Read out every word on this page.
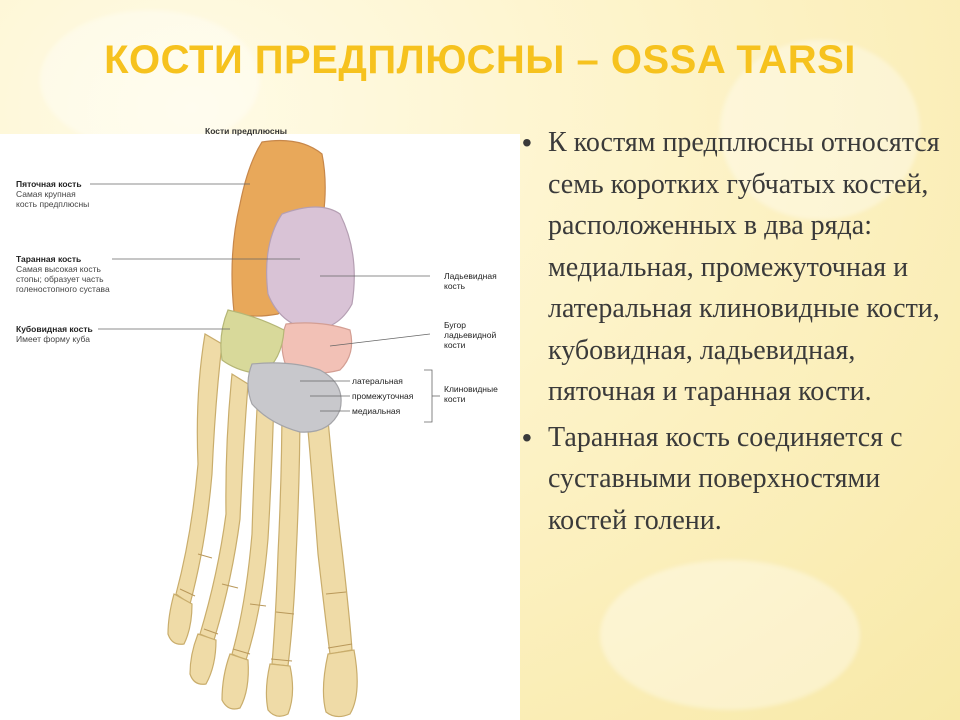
КОСТИ ПРЕДПЛЮСНЫ – OSSA TARSI
Кости предплюсны
Пяточная кость
Самая крупная
кость предплюсны
Таранная кость
Самая высокая кость
стопы; образует часть
голеностопного сустава
Кубовидная кость
Имеет форму куба
Ладьевидная
кость
Бугор
ладьевидной
кости
латеральная
промежуточная
медиальная
Клиновидные
кости
• К костям предплюсны относятся семь коротких губчатых костей, расположенных в два ряда: медиальная, промежуточная и латеральная клиновидные кости, кубовидная, ладьевидная, пяточная и таранная кости.
• Таранная кость соединяется с суставными поверхностями костей голени.
